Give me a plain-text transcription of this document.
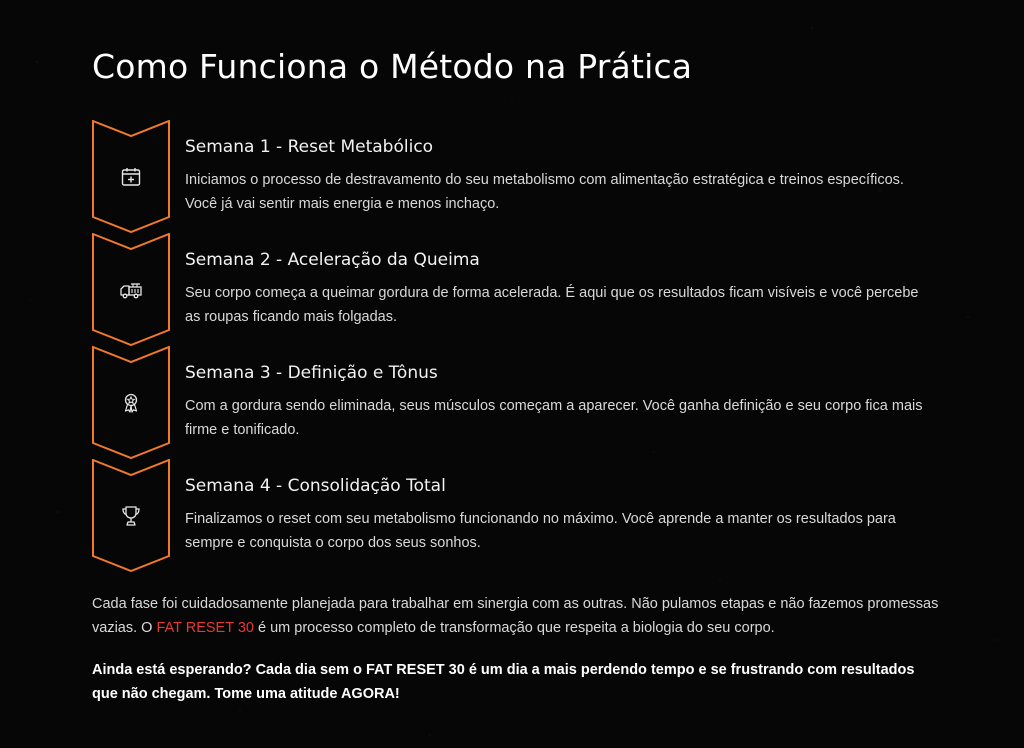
Como Funciona o Método na Prática
Semana 1 - Reset Metabólico

Iniciamos o processo de destravamento do seu metabolismo com alimentação estratégica e treinos específicos. Você já vai sentir mais energia e menos inchaço.

Semana 2 - Aceleração da Queima

Seu corpo começa a queimar gordura de forma acelerada. É aqui que os resultados ficam visíveis e você percebe as roupas ficando mais folgadas.

Semana 3 - Definição e Tônus

Com a gordura sendo eliminada, seus músculos começam a aparecer. Você ganha definição e seu corpo fica mais firme e tonificado.

Semana 4 - Consolidação Total

Finalizamos o reset com seu metabolismo funcionando no máximo. Você aprende a manter os resultados para sempre e conquista o corpo dos seus sonhos.

Cada fase foi cuidadosamente planejada para trabalhar em sinergia com as outras. Não pulamos etapas e não fazemos promessas vazias. O FAT RESET 30 é um processo completo de transformação que respeita a biologia do seu corpo.

Ainda está esperando? Cada dia sem o FAT RESET 30 é um dia a mais perdendo tempo e se frustrando com resultados que não chegam. Tome uma atitude AGORA!
